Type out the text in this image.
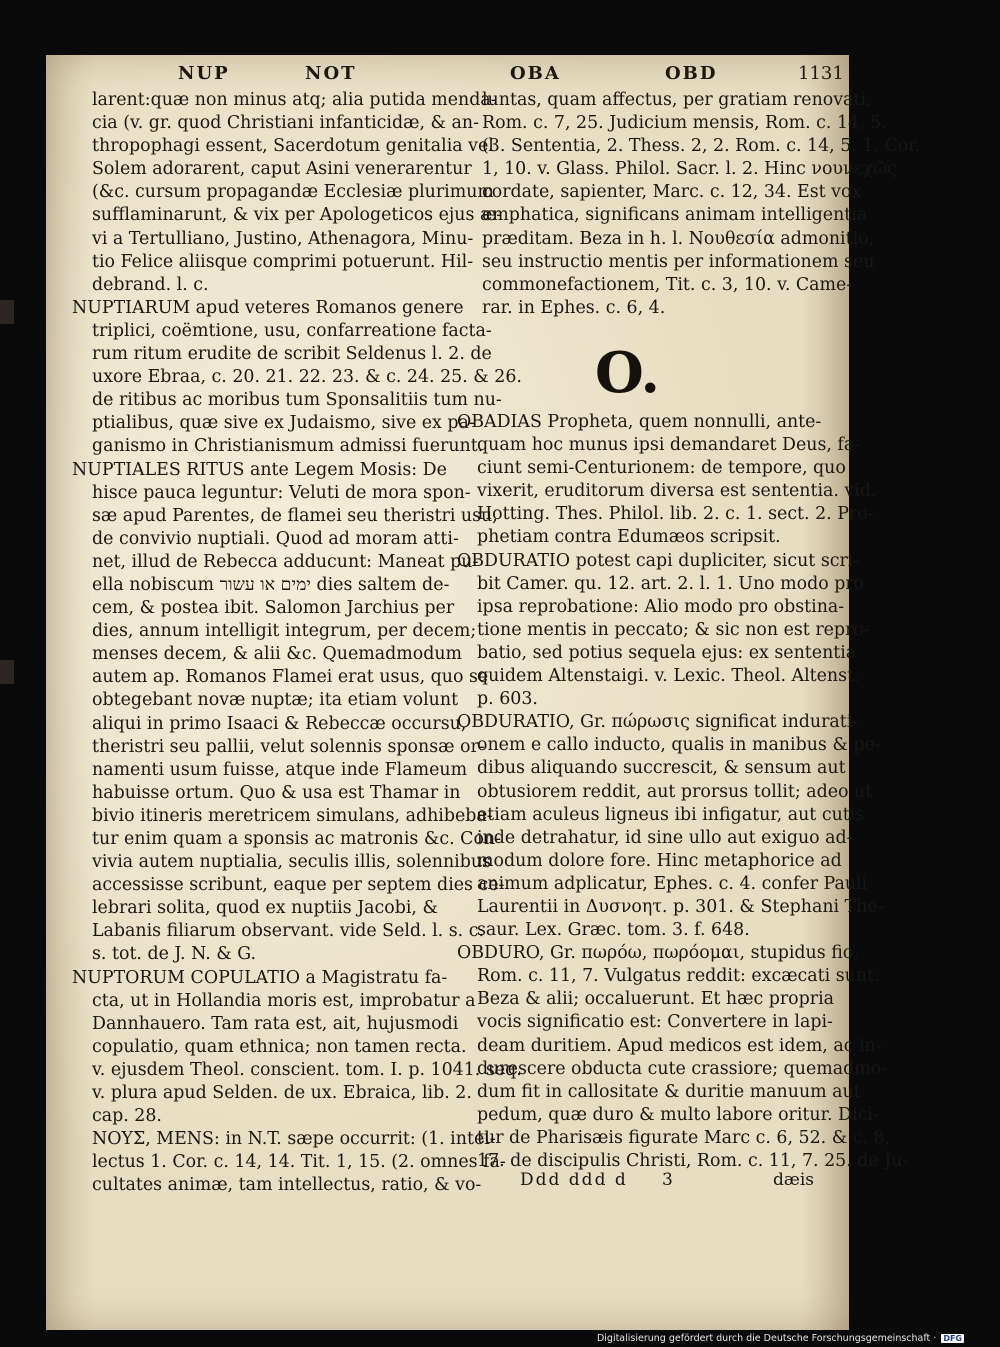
NUP	NOT	OBA	OBD	1131
larent:quæ non minus atq; alia putida menda-
cia (v. gr. quod Christiani infanticidæ, & an-
thropophagi essent, Sacerdotum genitalia vel
Solem adorarent, caput Asini venerarentur
(&c. cursum propagandæ Ecclesiæ plurimum
sufflaminarunt, & vix per Apologeticos ejus æ-
vi a Tertulliano, Justino, Athenagora, Minu-
tio Felice aliisque comprimi potuerunt. Hil-
debrand. l. c.
NUPTIARUM apud veteres Romanos genere
triplici, coëmtione, usu, confarreatione facta-
rum ritum erudite de scribit Seldenus l. 2. de
uxore Ebraa, c. 20. 21. 22. 23. & c. 24. 25. & 26.
de ritibus ac moribus tum Sponsalitiis tum nu-
ptialibus, quæ sive ex Judaismo, sive ex pa-
ganismo in Christianismum admissi fuerunt.
NUPTIALES RITUS ante Legem Mosis: De
hisce pauca leguntur: Veluti de mora spon-
sæ apud Parentes, de flamei seu theristri usu,
de convivio nuptiali. Quod ad moram atti-
net, illud de Rebecca adducunt: Maneat pu-
ella nobiscum ימים או עשור dies saltem de-
cem, & postea ibit. Salomon Jarchius per
dies, annum intelligit integrum, per decem;
menses decem, & alii &c. Quemadmodum
autem ap. Romanos Flamei erat usus, quo se
obtegebant novæ nuptæ; ita etiam volunt
aliqui in primo Isaaci & Rebeccæ occursu,
theristri seu pallii, velut solennis sponsæ or-
namenti usum fuisse, atque inde Flameum
habuisse ortum. Quo & usa est Thamar in
bivio itineris meretricem simulans, adhibeba-
tur enim quam a sponsis ac matronis &c. Con-
vivia autem nuptialia, seculis illis, solennibus
accessisse scribunt, eaque per septem dies ce-
lebrari solita, quod ex nuptiis Jacobi, &
Labanis filiarum observant. vide Seld. l. s. c.
s. tot. de J. N. & G.
NUPTORUM COPULATIO a Magistratu fa-
cta, ut in Hollandia moris est, improbatur a
Dannhauero. Tam rata est, ait, hujusmodi
copulatio, quam ethnica; non tamen recta.
v. ejusdem Theol. conscient. tom. I. p. 1041. seq.
v. plura apud Selden. de ux. Ebraica, lib. 2.
cap. 28.
NOΥΣ, MENS: in N.T. sæpe occurrit: (1. intel-
lectus 1. Cor. c. 14, 14. Tit. 1, 15. (2. omnes fa-
cultates animæ, tam intellectus, ratio, & vo-
luntas, quam affectus, per gratiam renovati,
Rom. c. 7, 25. Judicium mensis, Rom. c. 14, 5.
(3. Sententia, 2. Thess. 2, 2. Rom. c. 14, 5. 1. Cor.
1, 10. v. Glass. Philol. Sacr. l. 2. Hinc νουνεχῶς
cordate, sapienter, Marc. c. 12, 34. Est vox
emphatica, significans animam intelligentia
præditam. Beza in h. l. Νουθεσία admonitio,
seu instructio mentis per informationem seu
commonefactionem, Tit. c. 3, 10. v. Came-
rar. in Ephes. c. 6, 4.
O.
OBADIAS Propheta, quem nonnulli, ante-
quam hoc munus ipsi demandaret Deus, fa-
ciunt semi-Centurionem: de tempore, quo
vixerit, eruditorum diversa est sententia. vid.
Hotting. Thes. Philol. lib. 2. c. 1. sect. 2. Pro-
phetiam contra Edumæos scripsit.
OBDURATIO potest capi dupliciter, sicut scri-
bit Camer. qu. 12. art. 2. l. 1. Uno modo pro
ipsa reprobatione: Alio modo pro obstina-
tione mentis in peccato; & sic non est repro-
batio, sed potius sequela ejus: ex sententia
quidem Altenstaigi. v. Lexic. Theol. Altenst.
p. 603.
OBDURATIO, Gr. πώρωσις significat indurati-
onem e callo inducto, qualis in manibus & pe-
dibus aliquando succrescit, & sensum aut
obtusiorem reddit, aut prorsus tollit; adeo ut
etiam aculeus ligneus ibi infigatur, aut cutis
inde detrahatur, id sine ullo aut exiguo ad-
modum dolore fore. Hinc metaphorice ad
animum adplicatur, Ephes. c. 4. confer Pauli
Laurentii in Δυσνοητ. p. 301. & Stephani The-
saur. Lex. Græc. tom. 3. f. 648.
OBDURO, Gr. πωρόω, πωρόομαι, stupidus fio,
Rom. c. 11, 7. Vulgatus reddit: excæcati sunt.
Beza & alii; occaluerunt. Et hæc propria
vocis significatio est: Convertere in lapi-
deam duritiem. Apud medicos est idem, ac in-
durescere obducta cute crassiore; quemadmo-
dum fit in callositate & duritie manuum aut
pedum, quæ duro & multo labore oritur. Dici-
tur de Pharisæis figurate Marc c. 6, 52. & c. 8,
17. de discipulis Christi, Rom. c. 11, 7. 25. de Ju-
Ddd ddd d 3	dæis
Digitalisierung gefördert durch die Deutsche Forschungsgemeinschaft · DFG
